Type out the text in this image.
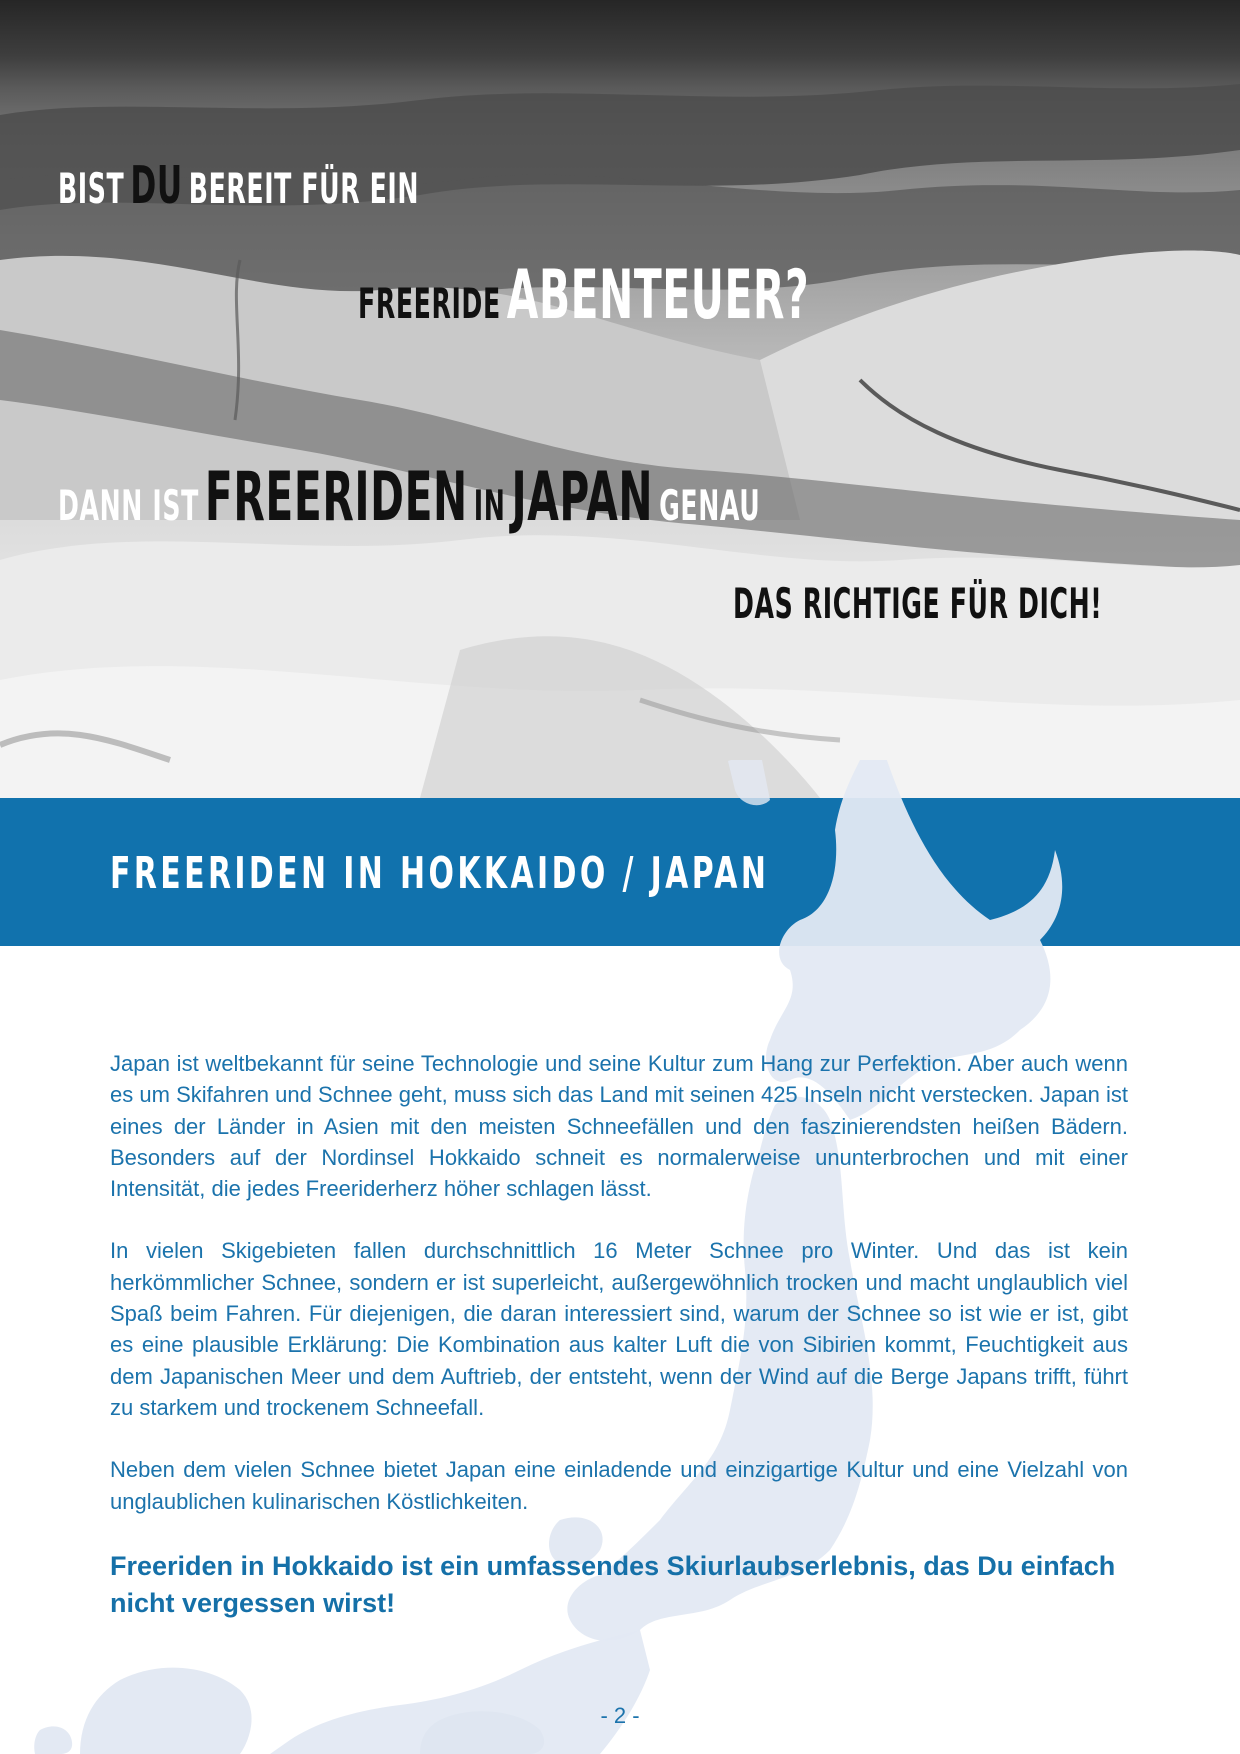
BIST DU BEREIT FÜR EIN
FREERIDEABENTEUER?
DANN ISTFREERIDEN INJAPAN GENAU
DAS RICHTIGE FÜR DICH!
FREERIDEN IN HOKKAIDO / JAPAN

Japan ist weltbekannt für seine Technologie und seine Kultur zum Hang zur Perfektion. Aber auch wenn es um Skifahren und Schnee geht, muss sich das Land mit seinen 425 Inseln nicht verstecken. Japan ist eines der Länder in Asien mit den meisten Schneefällen und den faszinierendsten heißen Bädern. Besonders auf der Nordinsel Hokkaido schneit es normalerweise ununterbrochen und mit einer Intensität, die jedes Freeriderherz höher schlagen lässt.

In vielen Skigebieten fallen durchschnittlich 16 Meter Schnee pro Winter. Und das ist kein herkömmlicher Schnee, sondern er ist superleicht, außergewöhnlich trocken und macht unglaublich viel Spaß beim Fahren. Für diejenigen, die daran interessiert sind, warum der Schnee so ist wie er ist, gibt es eine plausible Erklärung: Die Kombination aus kalter Luft die von Sibirien kommt, Feuchtigkeit aus dem Japanischen Meer und dem Auftrieb, der entsteht, wenn der Wind auf die Berge Japans trifft, führt zu starkem und trockenem Schneefall.

Neben dem vielen Schnee bietet Japan eine einladende und einzigartige Kultur und eine Vielzahl von unglaublichen kulinarischen Köstlichkeiten.

Freeriden in Hokkaido ist ein umfassendes Skiurlaubserlebnis, das Du einfach nicht vergessen wirst!

- 2 -
